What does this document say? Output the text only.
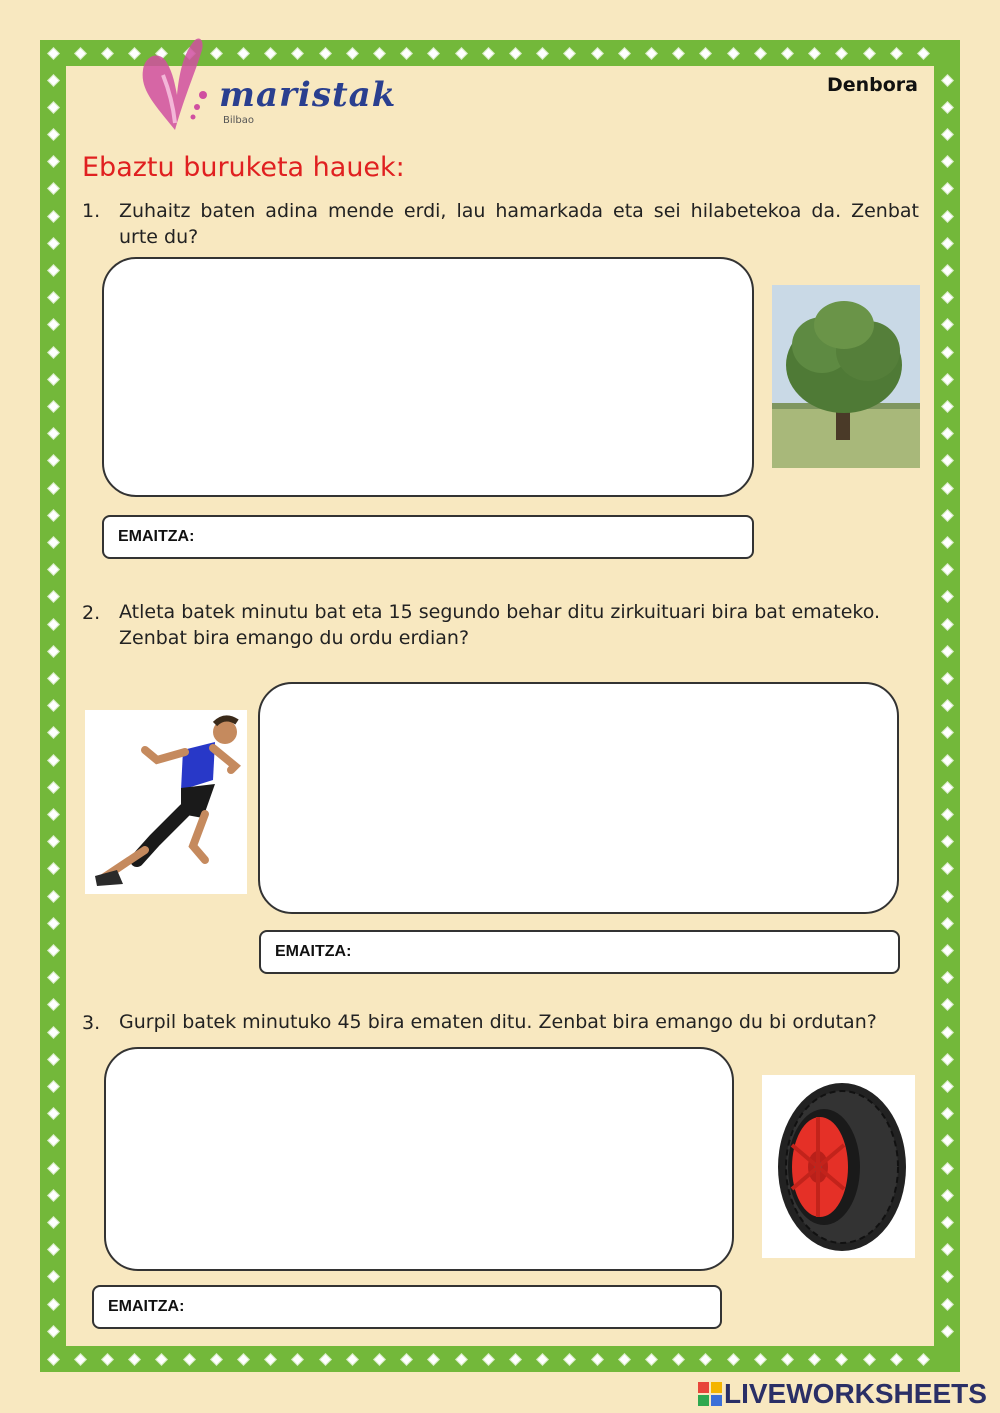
maristak
Bilbao
Denbora
Ebaztu buruketa hauek:
1. Zuhaitz baten adina mende erdi, lau hamarkada eta sei hilabetekoa da. Zenbat urte du?
EMAITZA:
2. Atleta batek minutu bat eta 15 segundo behar ditu zirkuituari bira bat emateko. Zenbat bira emango du ordu erdian?
EMAITZA:
3. Gurpil batek minutuko 45 bira ematen ditu. Zenbat bira emango du bi ordutan?
EMAITZA:
LIVEWORKSHEETS
